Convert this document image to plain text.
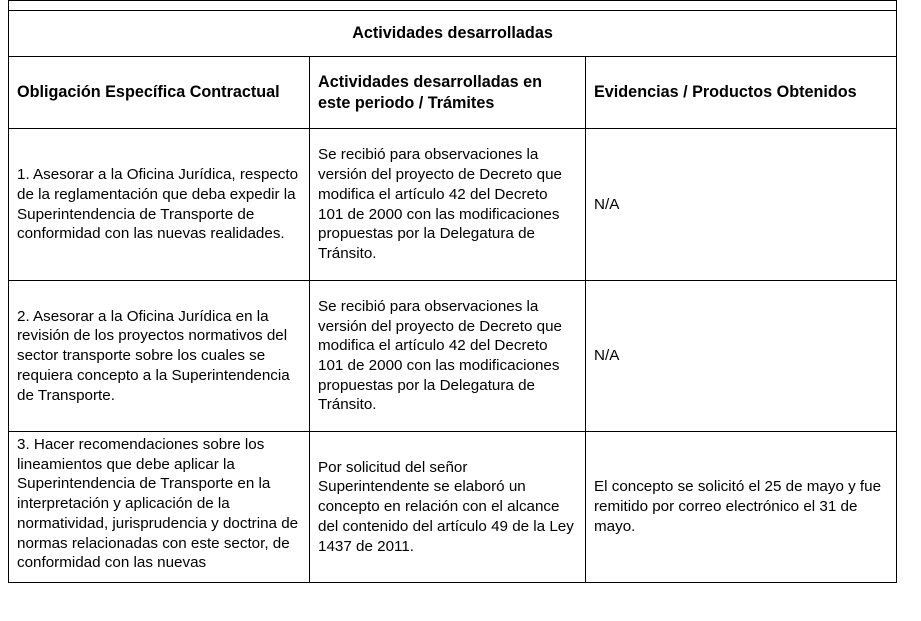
Actividades desarrolladas		
Obligación Específica Contractual	Actividades desarrolladas en este periodo / Trámites	Evidencias / Productos Obtenidos
1. Asesorar a la Oficina Jurídica, respecto de la reglamentación que deba expedir la Superintendencia de Transporte de conformidad con las nuevas realidades.	Se recibió para observaciones la versión del proyecto de Decreto que modifica el artículo 42 del Decreto 101 de 2000 con las modificaciones propuestas por la Delegatura de Tránsito.	N/A
2. Asesorar a la Oficina Jurídica en la revisión de los proyectos normativos del sector transporte sobre los cuales se requiera concepto a la Superintendencia de Transporte.	Se recibió para observaciones la versión del proyecto de Decreto que modifica el artículo 42 del Decreto 101 de 2000 con las modificaciones propuestas por la Delegatura de Tránsito.	N/A

3. Hacer recomendaciones sobre los lineamientos que debe aplicar la Superintendencia de Transporte en la interpretación y aplicación de la normatividad, jurisprudencia y doctrina de normas relacionadas con este sector, de conformidad con las nuevas	Por solicitud del señor Superintendente se elaboró un concepto en relación con el alcance del contenido del artículo 49 de la Ley 1437 de 2011.	El concepto se solicitó el 25 de mayo y fue remitido por correo electrónico el 31 de mayo.
